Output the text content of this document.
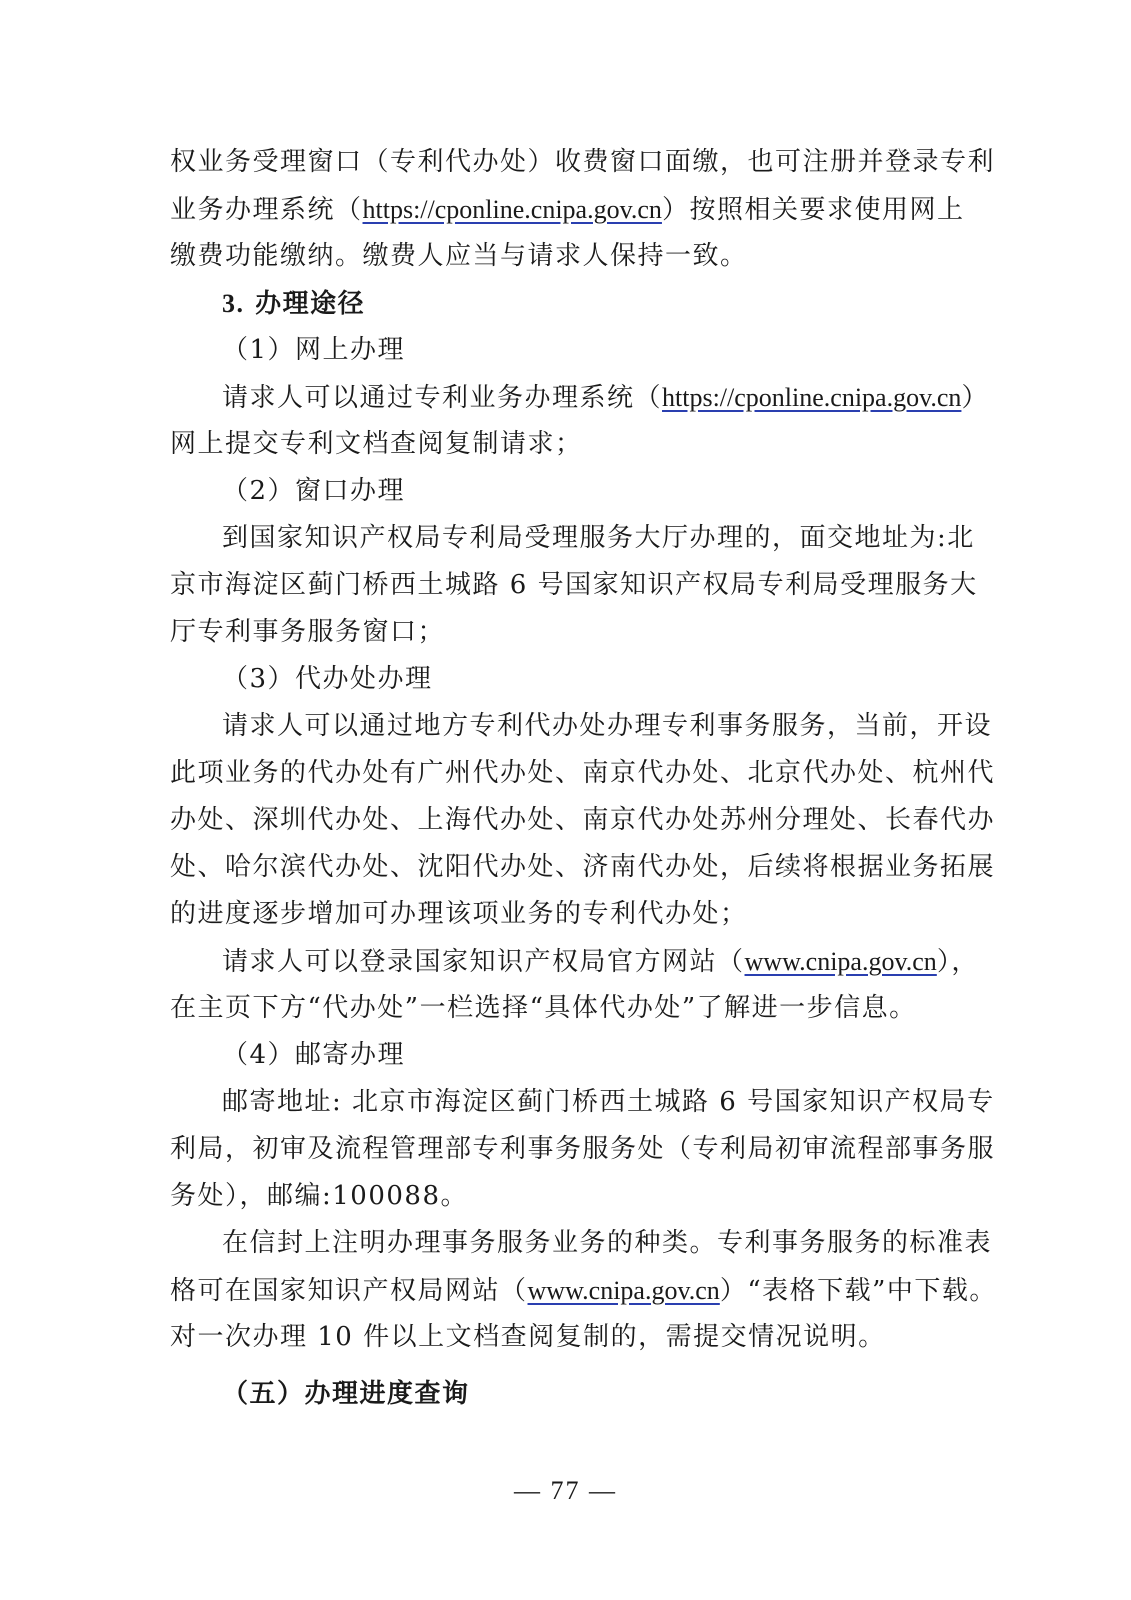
权业务受理窗口（专利代办处）收费窗口面缴，也可注册并登录专利
业务办理系统（https://cponline.cnipa.gov.cn）按照相关要求使用网上
缴费功能缴纳。缴费人应当与请求人保持一致。
3. 办理途径
（1）网上办理
请求人可以通过专利业务办理系统（https://cponline.cnipa.gov.cn）
网上提交专利文档查阅复制请求；
（2）窗口办理
到国家知识产权局专利局受理服务大厅办理的，面交地址为:北
京市海淀区蓟门桥西土城路 6 号国家知识产权局专利局受理服务大
厅专利事务服务窗口；
（3）代办处办理
请求人可以通过地方专利代办处办理专利事务服务，当前，开设
此项业务的代办处有广州代办处、南京代办处、北京代办处、杭州代
办处、深圳代办处、上海代办处、南京代办处苏州分理处、长春代办
处、哈尔滨代办处、沈阳代办处、济南代办处，后续将根据业务拓展
的进度逐步增加可办理该项业务的专利代办处；
请求人可以登录国家知识产权局官方网站（www.cnipa.gov.cn），
在主页下方“代办处”一栏选择“具体代办处”了解进一步信息。
（4）邮寄办理
邮寄地址: 北京市海淀区蓟门桥西土城路 6 号国家知识产权局专
利局，初审及流程管理部专利事务服务处（专利局初审流程部事务服
务处），邮编:100088。
在信封上注明办理事务服务业务的种类。专利事务服务的标准表
格可在国家知识产权局网站（www.cnipa.gov.cn）“表格下载”中下载。
对一次办理 10 件以上文档查阅复制的，需提交情况说明。
（五）办理进度查询
— 77 —
